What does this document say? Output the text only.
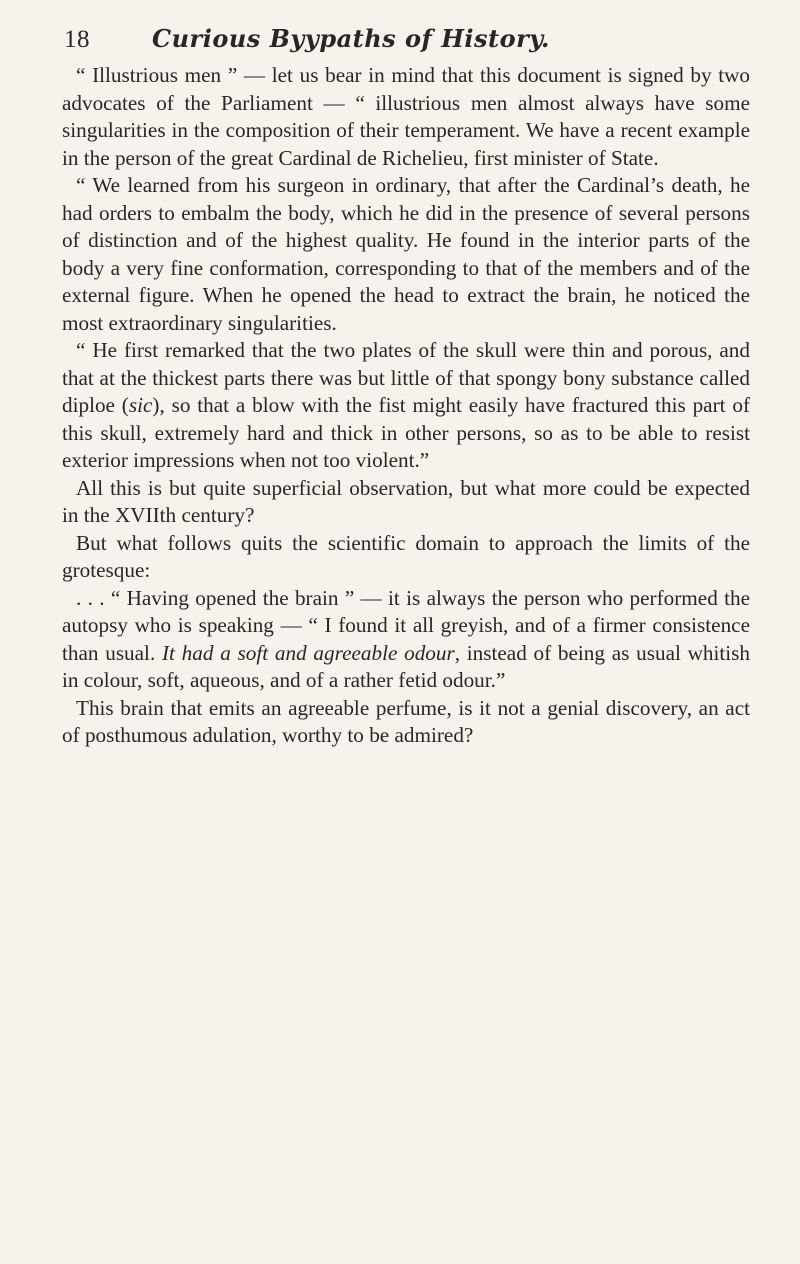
18	Curious Byypaths of History.

“ Illustrious men ” — let us bear in mind that this document is signed by two advocates of the Parliament — “ illustrious men almost always have some singularities in the composition of their temperament. We have a recent example in the person of the great Cardinal de Richelieu, first minister of State.

“ We learned from his surgeon in ordinary, that after the Cardinal’s death, he had orders to embalm the body, which he did in the presence of several persons of distinction and of the highest quality. He found in the interior parts of the body a very fine conformation, corresponding to that of the members and of the external figure. When he opened the head to extract the brain, he noticed the most extraordinary singularities.

“ He first remarked that the two plates of the skull were thin and porous, and that at the thickest parts there was but little of that spongy bony substance called diploe (sic), so that a blow with the fist might easily have fractured this part of this skull, extremely hard and thick in other persons, so as to be able to resist exterior impressions when not too violent.”

All this is but quite superficial observation, but what more could be expected in the XVIIth century?

But what follows quits the scientific domain to approach the limits of the grotesque:

. . . “ Having opened the brain ” — it is always the person who performed the autopsy who is speaking — “ I found it all greyish, and of a firmer consistence than usual. It had a soft and agreeable odour, instead of being as usual whitish in colour, soft, aqueous, and of a rather fetid odour.”

This brain that emits an agreeable perfume, is it not a genial discovery, an act of posthumous adulation, worthy to be admired?
